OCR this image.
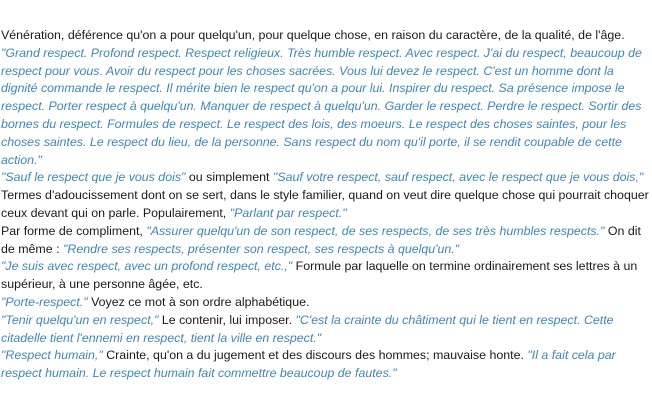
Vénération, déférence qu'on a pour quelqu'un, pour quelque chose, en raison du caractère, de la qualité, de l'âge. "Grand respect. Profond respect. Respect religieux. Très humble respect. Avec respect. J'ai du respect, beaucoup de respect pour vous. Avoir du respect pour les choses sacrées. Vous lui devez le respect. C'est un homme dont la dignité commande le respect. Il mérite bien le respect qu'on a pour lui. Inspirer du respect. Sa présence impose le respect. Porter respect à quelqu'un. Manquer de respect à quelqu'un. Garder le respect. Perdre le respect. Sortir des bornes du respect. Formules de respect. Le respect des lois, des moeurs. Le respect des choses saintes, pour les choses saintes. Le respect du lieu, de la personne. Sans respect du nom qu'il porte, il se rendit coupable de cette action."

"Sauf le respect que je vous dois" ou simplement "Sauf votre respect, sauf respect, avec le respect que je vous dois," Termes d'adoucissement dont on se sert, dans le style familier, quand on veut dire quelque chose qui pourrait choquer ceux devant qui on parle. Populairement, "Parlant par respect."

Par forme de compliment, "Assurer quelqu'un de son respect, de ses respects, de ses très humbles respects." On dit de même : "Rendre ses respects, présenter son respect, ses respects à quelqu'un."

"Je suis avec respect, avec un profond respect, etc.," Formule par laquelle on termine ordinairement ses lettres à un supérieur, à une personne âgée, etc.

"Porte-respect." Voyez ce mot à son ordre alphabétique.

"Tenir quelqu'un en respect," Le contenir, lui imposer. "C'est la crainte du châtiment qui le tient en respect. Cette citadelle tient l'ennemi en respect, tient la ville en respect."

"Respect humain," Crainte, qu'on a du jugement et des discours des hommes; mauvaise honte. "Il a fait cela par respect humain. Le respect humain fait commettre beaucoup de fautes."
